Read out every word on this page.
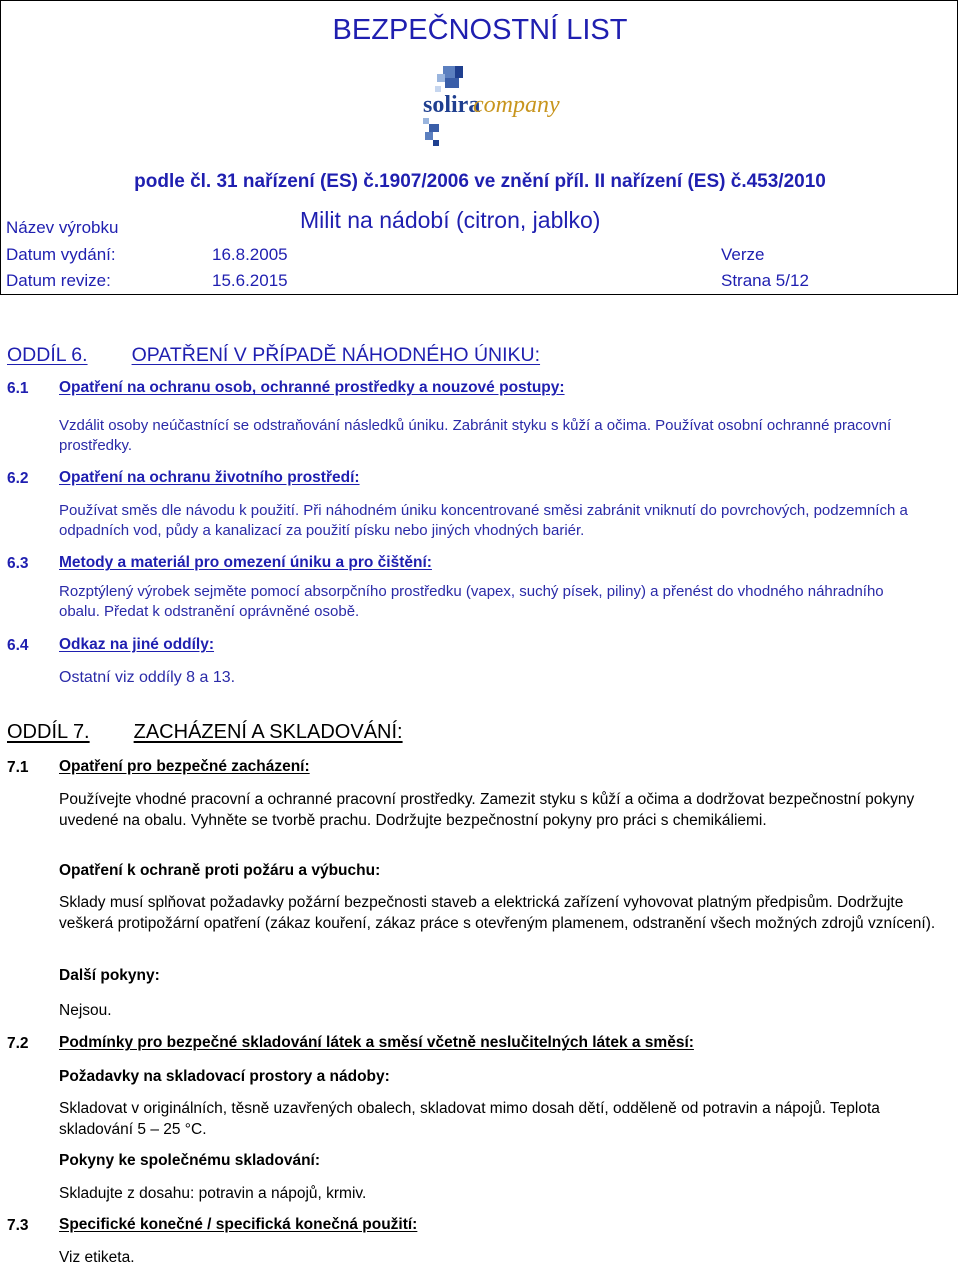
BEZPEČNOSTNÍ LIST
solira
company
podle čl. 31 nařízení (ES) č.1907/2006 ve znění příl. II nařízení (ES) č.453/2010
Název výrobku	Milit na nádobí (citron, jablko)
Datum vydání:	16.8.2005	Verze
Datum revize:	15.6.2015	Strana 5/12
ODDÍL 6. OPATŘENÍ V PŘÍPADĚ NÁHODNÉHO ÚNIKU:
6.1 Opatření na ochranu osob, ochranné prostředky a nouzové postupy:
Vzdálit osoby neúčastnící se odstraňování následků úniku. Zabránit styku s kůží a očima. Používat osobní ochranné pracovní prostředky.
6.2 Opatření na ochranu životního prostředí:
Používat směs dle návodu k použití. Při náhodném úniku koncentrované směsi zabránit vniknutí do povrchových, podzemních a odpadních vod, půdy a kanalizací za použití písku nebo jiných vhodných bariér.
6.3 Metody a materiál pro omezení úniku a pro čištění:
Rozptýlený výrobek sejměte pomocí absorpčního prostředku (vapex, suchý písek, piliny) a přenést do vhodného náhradního obalu. Předat k odstranění oprávněné osobě.
6.4 Odkaz na jiné oddíly:
Ostatní viz oddíly 8 a 13.
ODDÍL 7. ZACHÁZENÍ A SKLADOVÁNÍ:
7.1 Opatření pro bezpečné zacházení:
Používejte vhodné pracovní a ochranné pracovní prostředky. Zamezit styku s kůží a očima a dodržovat bezpečnostní pokyny uvedené na obalu. Vyhněte se tvorbě prachu. Dodržujte bezpečnostní pokyny pro práci s chemikáliemi.
Opatření k ochraně proti požáru a výbuchu:
Sklady musí splňovat požadavky požární bezpečnosti staveb a elektrická zařízení vyhovovat platným předpisům. Dodržujte veškerá protipožární opatření (zákaz kouření, zákaz práce s otevřeným plamenem, odstranění všech možných zdrojů vznícení).
Další pokyny:
Nejsou.
7.2 Podmínky pro bezpečné skladování látek a směsí včetně neslučitelných látek a směsí:
Požadavky na skladovací prostory a nádoby:
Skladovat v originálních, těsně uzavřených obalech, skladovat mimo dosah dětí, odděleně od potravin a nápojů. Teplota skladování 5 – 25 °C.
Pokyny ke společnému skladování:
Skladujte z dosahu: potravin a nápojů, krmiv.
7.3 Specifické konečné / specifická konečná použití:
Viz etiketa.
